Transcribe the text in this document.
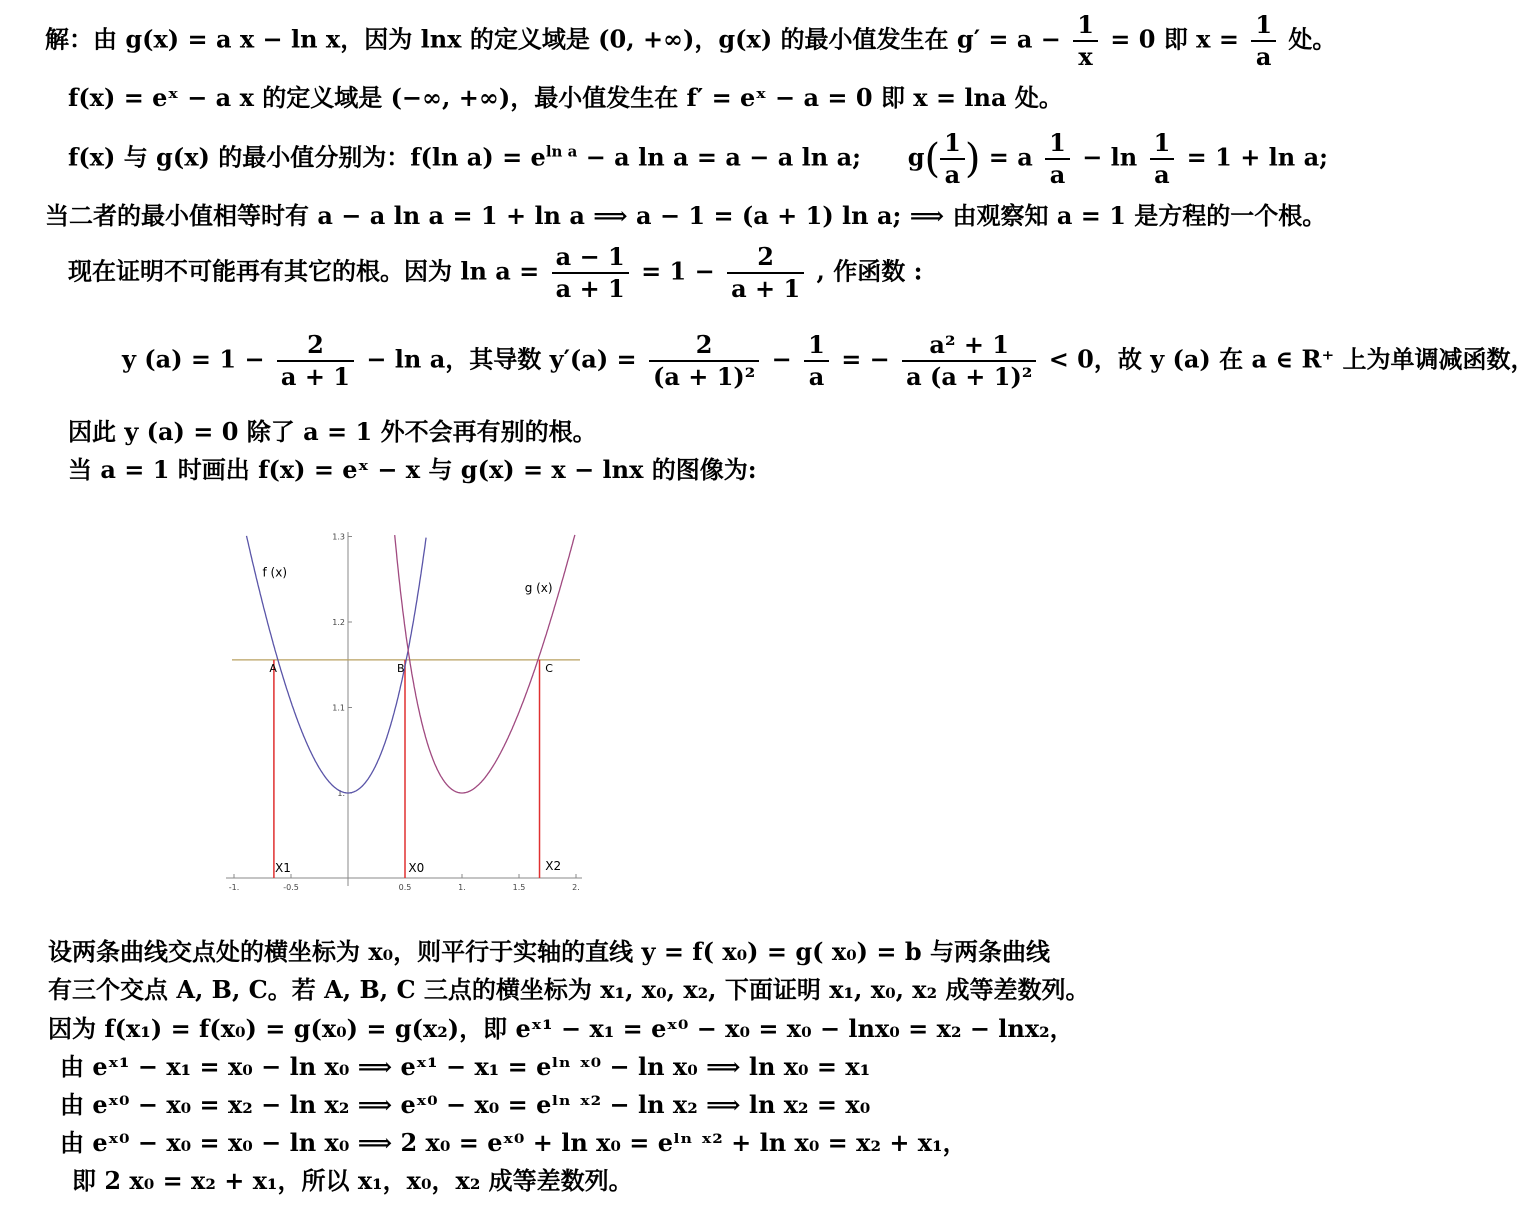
解：由 g(x) = a x − ln x，因为 lnx 的定义域是 (0, +∞)，g(x) 的最小值发生在 $g' = a - \frac{1}{x} = 0$ 即 $x = \frac{1}{a}$ 处。
f(x) = eˣ − a x 的定义域是 (−∞, +∞)，最小值发生在 f′ = eˣ − a = 0 即 x = lna 处。
f(x) 与 g(x) 的最小值分别为：f(ln $a) = e^{ln a} - a$ ln a = a − a ln a; $g( \frac{1}{a}$ ) = a $\frac{1}{a} - \ln \frac{1}{a} = 1 + \ln a$;
当二者的最小值相等时有 a − a ln a = 1 + ln a ⟹ a − 1 = (a + 1) ln a; ⟹ 由观察知 a = 1 是方程的一个根。
现在证明不可能再有其它的根。因为 $\ln a = \frac{a - 1}{a + 1} = 1 - \frac{2}{a + 1}$ , 作函数 :
y $(a) = 1 - \frac{2}{a + 1} - \ln a$，其导数 $y'(a) = \frac{2}{\text{(a + 1)²}} - \frac{1}{a}$ = − $\frac{\text{a² + 1}}{\text{a (a + 1)²}} < 0$，故 y (a) 在 a ∈ R⁺ 上为单调减函数，
因此 y (a) = 0 除了 a = 1 外不会再有别的根。
当 a = 1 时画出 f(x) = eˣ − x 与 g(x) = x − lnx 的图像为:
-1.	-0.5	0.5	1.	1.5	2.
1.3
1.2
1.1
1.
A	B	C
X1	X0	X2
f (x)
g (x)
设两条曲线交点处的横坐标为 x₀，则平行于实轴的直线 y = f( x₀) = g( x₀) = b 与两条曲线
有三个交点 A, B, C。若 A, B, C 三点的横坐标为 x₁, x₀, x₂, 下面证明 x₁, x₀, x₂ 成等差数列。
因为 f(x₁) = f(x₀) = g(x₀) = g(x₂)，即 eˣ¹ − x₁ = eˣ⁰ − x₀ = x₀ − lnx₀ = x₂ − lnx₂，
由 eˣ¹ − x₁ = x₀ − ln x₀ ⟹ eˣ¹ − x₁ = eˡⁿ ˣ⁰ − ln x₀ ⟹ ln x₀ = x₁
由 eˣ⁰ − x₀ = x₂ − ln x₂ ⟹ eˣ⁰ − x₀ = eˡⁿ ˣ² − ln x₂ ⟹ ln x₂ = x₀
由 eˣ⁰ − x₀ = x₀ − ln x₀ ⟹ 2 x₀ = eˣ⁰ + ln x₀ = eˡⁿ ˣ² + ln x₀ = x₂ + x₁，
即 2 x₀ = x₂ + x₁，所以 x₁，x₀，x₂ 成等差数列。
